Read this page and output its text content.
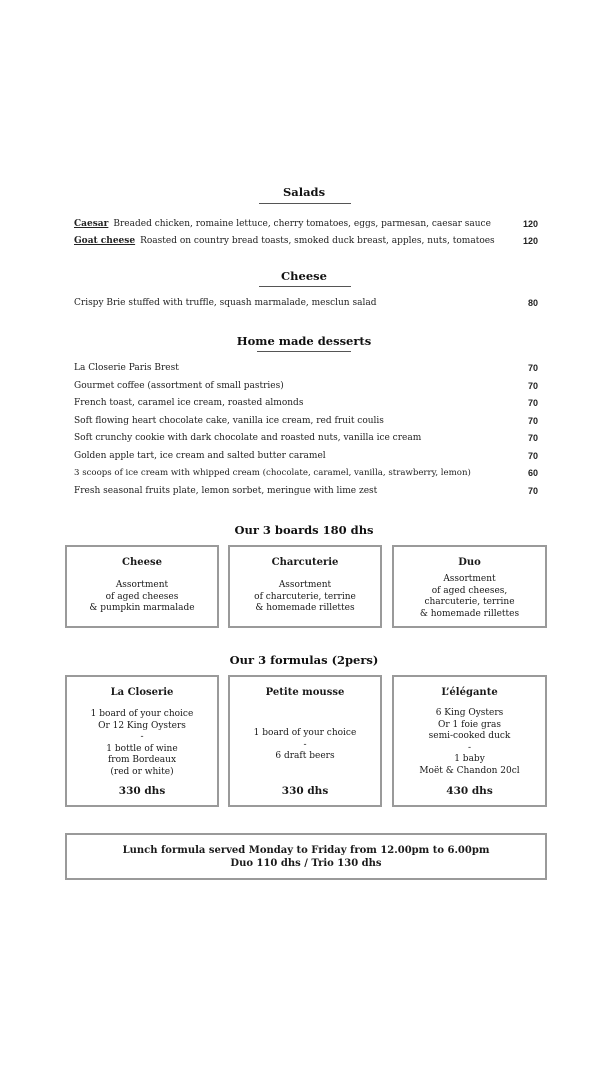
Salads
Caesar Breaded chicken, romaine lettuce, cherry tomatoes, eggs, parmesan, caesar sauce	120
Goat cheese Roasted on country bread toasts, smoked duck breast, apples, nuts, tomatoes	120
Cheese
Crispy Brie stuffed with truffle, squash marmalade, mesclun salad	80
Home made desserts
La Closerie Paris Brest	70
Gourmet coffee (assortment of small pastries)	70
French toast, caramel ice cream, roasted almonds	70
Soft flowing heart chocolate cake, vanilla ice cream, red fruit coulis	70
Soft crunchy cookie with dark chocolate and roasted nuts, vanilla ice cream	70
Golden apple tart, ice cream and salted butter caramel	70
3 scoops of ice cream with whipped cream (chocolate, caramel, vanilla, strawberry, lemon)	60
Fresh seasonal fruits plate, lemon sorbet, meringue with lime zest	70
Our 3 boards 180 dhs
Cheese
Assortment
of aged cheeses
& pumpkin marmalade
Charcuterie
Assortment
of charcuterie, terrine
& homemade rillettes
Duo
Assortment
of aged cheeses,
charcuterie, terrine
& homemade rillettes
Our 3 formulas (2pers)
La Closerie
1 board of your choice
Or 12 King Oysters
-
1 bottle of wine
from Bordeaux
(red or white)
330 dhs
Petite mousse
1 board of your choice
-
6 draft beers
330 dhs
L’élégante
6 King Oysters
Or 1 foie gras
semi-cooked duck
-
1 baby
Moët & Chandon 20cl
430 dhs
Lunch formula served Monday to Friday from 12.00pm to 6.00pm
Duo 110 dhs / Trio 130 dhs
